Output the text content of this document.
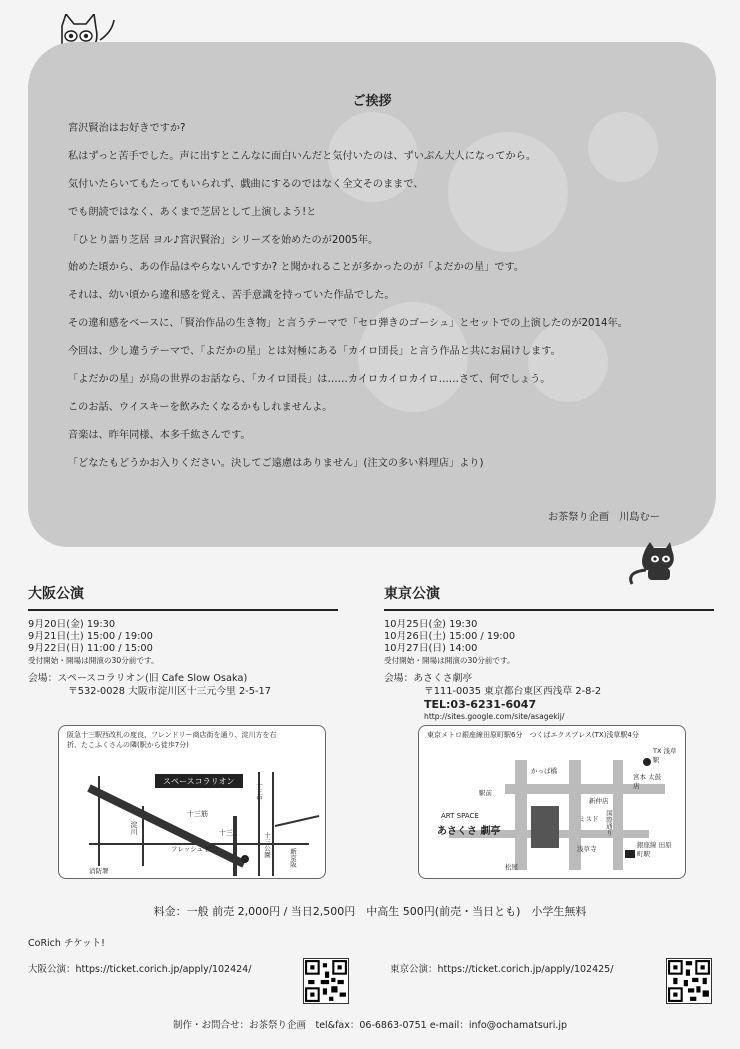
ご挨拶
宮沢賢治はお好きですか?
私はずっと苦手でした。声に出すとこんなに面白いんだと気付いたのは、ずいぶん大人になってから。
気付いたらいてもたってもいられず、戯曲にするのではなく全文そのままで、
でも朗読ではなく、あくまで芝居として上演しよう!と
「ひとり語り芝居 ヨル♪宮沢賢治」シリーズを始めたのが2005年。
始めた頃から、あの作品はやらないんですか? と聞かれることが多かったのが「よだかの星」です。
それは、幼い頃から違和感を覚え、苦手意識を持っていた作品でした。
その違和感をベースに、「賢治作品の生き物」と言うテーマで「セロ弾きのゴーシュ」とセットでの上演したのが2014年。
今回は、少し違うテーマで、「よだかの星」とは対極にある「カイロ団長」と言う作品と共にお届けします。
「よだかの星」が鳥の世界のお話なら、「カイロ団長」は……カイロカイロカイロ……さて、何でしょう。
このお話、ウイスキーを飲みたくなるかもしれませんよ。
音楽は、昨年同様、本多千紘さんです。
「どなたもどうかお入りください。決してご遠慮はありません」(注文の多い料理店」より)
お茶祭り企画　川島むー
大阪公演
9月20日(金) 19:30
9月21日(土) 15:00 / 19:00
9月22日(日) 11:00 / 15:00
受付開始・開場は開演の30分前です。
会場：スペースコラリオン(旧 Cafe Slow Osaka)
〒532-0028 大阪市淀川区十三元今里 2-5-17
東京公演
10月25日(金) 19:30
10月26日(土) 15:00 / 19:00
10月27日(日) 14:00
受付開始・開場は開演の30分前です。
会場：あさくさ劇亭
〒111-0035 東京都台東区西浅草 2-8-2
TEL:03-6231-6047
http://sites.google.com/site/asagekij/
阪急十三駅西改札の度良、フレンドリー商店街を通り、淀川方を右折、たこふくさんの隣(駅から徒歩7分)
スペースコラリオン
十三筋
十三
フレッシュ 西口
淀川
十三公園
消防署
十三中
新京阪
東京メトロ銀座線田原町駅6分　つくばエクスプレス(TX)浅草駅4分
ART SPACE
あさくさ 劇亭
TX 浅草駅
宮本 太鼓店
国際通り
銀座線 田原町駅
新仲店
ミスド
かっぱ橋
駅前
浅草寺
松屋
料金：一般 前売 2,000円 / 当日2,500円　中高生 500円(前売・当日とも)　小学生無料
CoRich チケット!
大阪公演：https://ticket.corich.jp/apply/102424/	東京公演：https://ticket.corich.jp/apply/102425/
制作・お問合せ：お茶祭り企画　tel&fax：06-6863-0751 e-mail：info@ochamatsuri.jp
